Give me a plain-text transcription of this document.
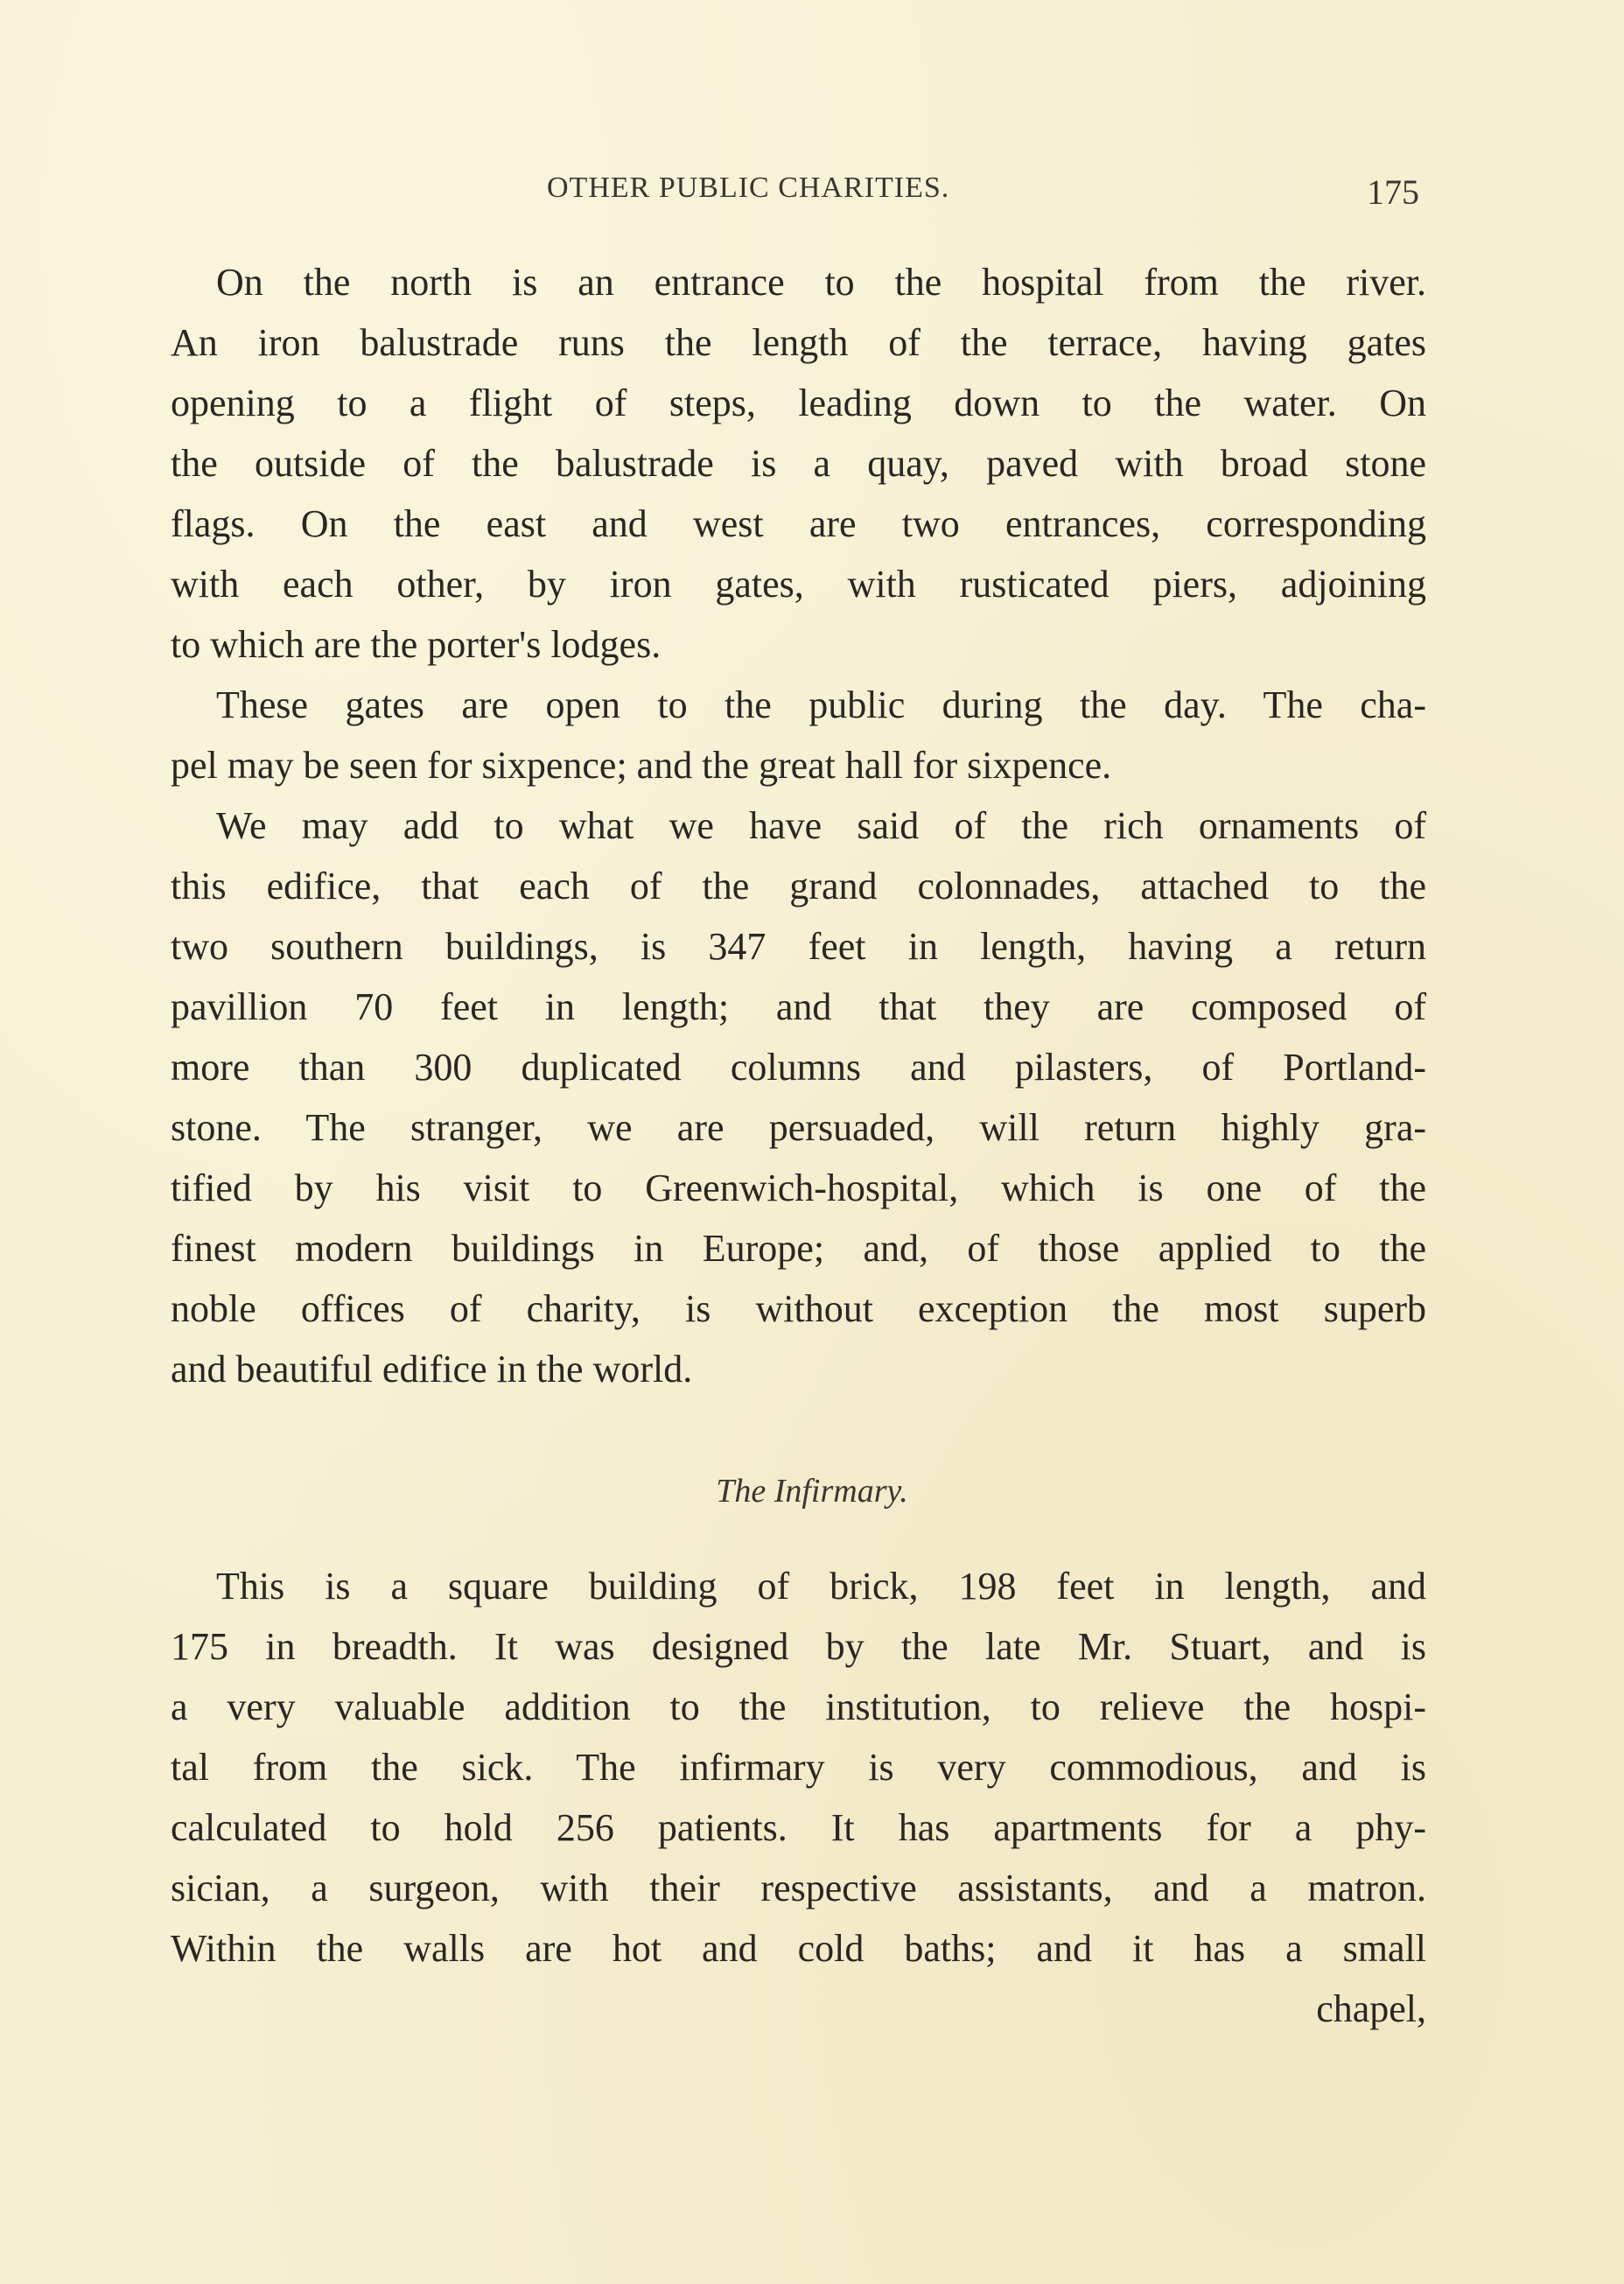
OTHER PUBLIC CHARITIES.	175
On the north is an entrance to the hospital from the river.
An iron balustrade runs the length of the terrace, having gates
opening to a flight of steps, leading down to the water. On
the outside of the balustrade is a quay, paved with broad stone
flags. On the east and west are two entrances, corresponding
with each other, by iron gates, with rusticated piers, adjoining
to which are the porter's lodges.
These gates are open to the public during the day. The cha-
pel may be seen for sixpence; and the great hall for sixpence.
We may add to what we have said of the rich ornaments of
this edifice, that each of the grand colonnades, attached to the
two southern buildings, is 347 feet in length, having a return
pavillion 70 feet in length; and that they are composed of
more than 300 duplicated columns and pilasters, of Portland-
stone. The stranger, we are persuaded, will return highly gra-
tified by his visit to Greenwich-hospital, which is one of the
finest modern buildings in Europe; and, of those applied to the
noble offices of charity, is without exception the most superb
and beautiful edifice in the world.
The Infirmary.
This is a square building of brick, 198 feet in length, and
175 in breadth. It was designed by the late Mr. Stuart, and is
a very valuable addition to the institution, to relieve the hospi-
tal from the sick. The infirmary is very commodious, and is
calculated to hold 256 patients. It has apartments for a phy-
sician, a surgeon, with their respective assistants, and a matron.
Within the walls are hot and cold baths; and it has a small
chapel,
